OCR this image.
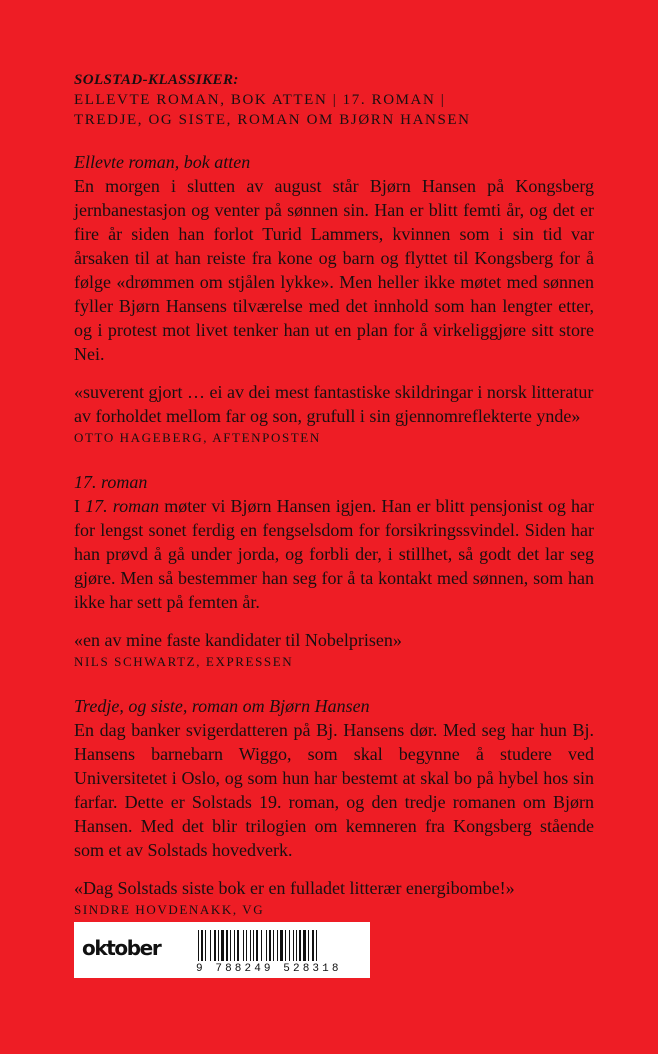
SOLSTAD-KLASSIKER:

ELLEVTE ROMAN, BOK ATTEN | 17. ROMAN |

TREDJE, OG SISTE, ROMAN OM BJØRN HANSEN

Ellevte roman, bok atten

En morgen i slutten av august står Bjørn Hansen på Kongsberg jernbanestasjon og venter på sønnen sin. Han er blitt femti år, og det er fire år siden han forlot Turid Lammers, kvinnen som i sin tid var årsaken til at han reiste fra kone og barn og flyttet til Kongsberg for å følge «drømmen om stjålen lykke». Men heller ikke møtet med sønnen fyller Bjørn Hansens tilværelse med det innhold som han lengter etter, og i protest mot livet tenker han ut en plan for å virkeliggjøre sitt store Nei.

«suverent gjort … ei av dei mest fantastiske skildringar i norsk litteratur av forholdet mellom far og son, grufull i sin gjennomreflekterte ynde»

OTTO HAGEBERG, AFTENPOSTEN

17. roman

I 17. roman møter vi Bjørn Hansen igjen. Han er blitt pensjonist og har for lengst sonet ferdig en fengselsdom for forsikringssvindel. Siden har han prøvd å gå under jorda, og forbli der, i stillhet, så godt det lar seg gjøre. Men så bestemmer han seg for å ta kontakt med sønnen, som han ikke har sett på femten år.

«en av mine faste kandidater til Nobelprisen»

NILS SCHWARTZ, EXPRESSEN

Tredje, og siste, roman om Bjørn Hansen

En dag banker svigerdatteren på Bj. Hansens dør. Med seg har hun Bj. Hansens barnebarn Wiggo, som skal begynne å studere ved Universitetet i Oslo, og som hun har bestemt at skal bo på hybel hos sin farfar. Dette er Solstads 19. roman, og den tredje romanen om Bjørn Hansen. Med det blir trilogien om kemneren fra Kongsberg stående som et av Solstads hovedverk.

«Dag Solstads siste bok er en fulladet litterær energibombe!»

SINDRE HOVDENAKK, VG

oktober
9 788249 528318
